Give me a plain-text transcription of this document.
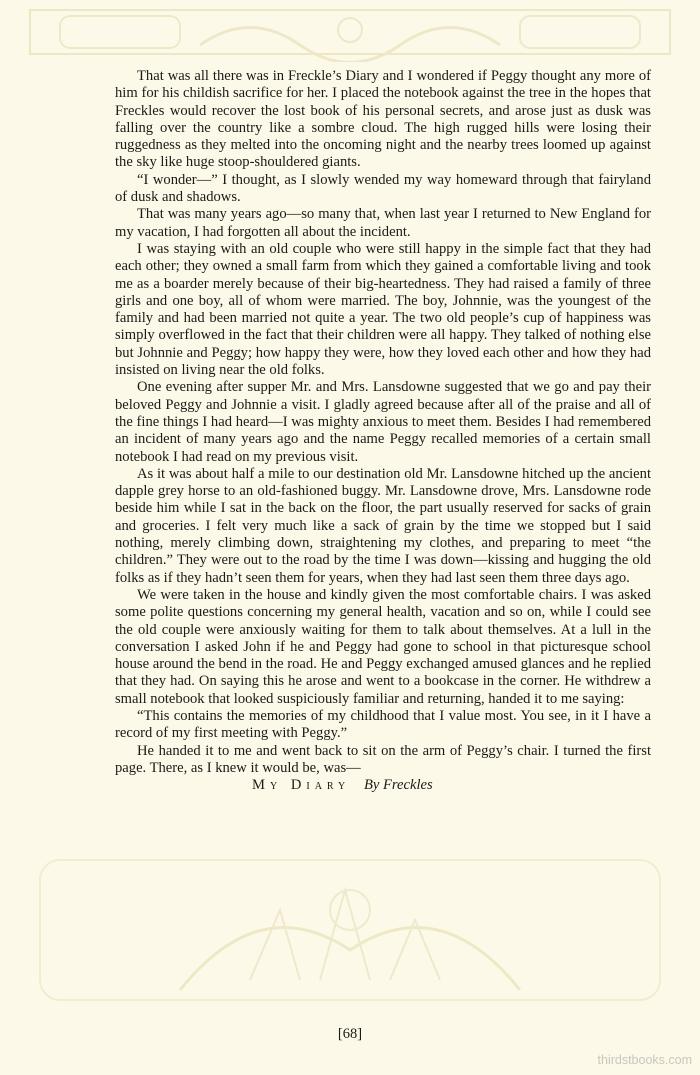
That was all there was in Freckle’s Diary and I wondered if Peggy thought any more of him for his childish sacrifice for her. I placed the notebook against the tree in the hopes that Freckles would recover the lost book of his personal secrets, and arose just as dusk was falling over the country like a sombre cloud. The high rugged hills were losing their ruggedness as they melted into the oncoming night and the nearby trees loomed up against the sky like huge stoop-shouldered giants.

“I wonder—” I thought, as I slowly wended my way homeward through that fairyland of dusk and shadows.

That was many years ago—so many that, when last year I returned to New England for my vacation, I had forgotten all about the incident.

I was staying with an old couple who were still happy in the simple fact that they had each other; they owned a small farm from which they gained a comfortable living and took me as a boarder merely because of their big-heartedness. They had raised a family of three girls and one boy, all of whom were married. The boy, Johnnie, was the youngest of the family and had been married not quite a year. The two old people’s cup of happiness was simply overflowed in the fact that their children were all happy. They talked of nothing else but Johnnie and Peggy; how happy they were, how they loved each other and how they had insisted on living near the old folks.

One evening after supper Mr. and Mrs. Lansdowne suggested that we go and pay their beloved Peggy and Johnnie a visit. I gladly agreed because after all of the praise and all of the fine things I had heard—I was mighty anxious to meet them. Besides I had remembered an incident of many years ago and the name Peggy recalled memories of a certain small notebook I had read on my previous visit.

As it was about half a mile to our destination old Mr. Lansdowne hitched up the ancient dapple grey horse to an old-fashioned buggy. Mr. Lansdowne drove, Mrs. Lansdowne rode beside him while I sat in the back on the floor, the part usually reserved for sacks of grain and groceries. I felt very much like a sack of grain by the time we stopped but I said nothing, merely climbing down, straightening my clothes, and preparing to meet “the children.” They were out to the road by the time I was down—kissing and hugging the old folks as if they hadn’t seen them for years, when they had last seen them three days ago.

We were taken in the house and kindly given the most comfortable chairs. I was asked some polite questions concerning my general health, vacation and so on, while I could see the old couple were anxiously waiting for them to talk about themselves. At a lull in the conversation I asked John if he and Peggy had gone to school in that picturesque school house around the bend in the road. He and Peggy exchanged amused glances and he replied that they had. On saying this he arose and went to a bookcase in the corner. He withdrew a small notebook that looked suspiciously familiar and returning, handed it to me saying:

“This contains the memories of my childhood that I value most. You see, in it I have a record of my first meeting with Peggy.”

He handed it to me and went back to sit on the arm of Peggy’s chair. I turned the first page. There, as I knew it would be, was—

My Diary By Freckles

[68]
thirdstbooks.com
